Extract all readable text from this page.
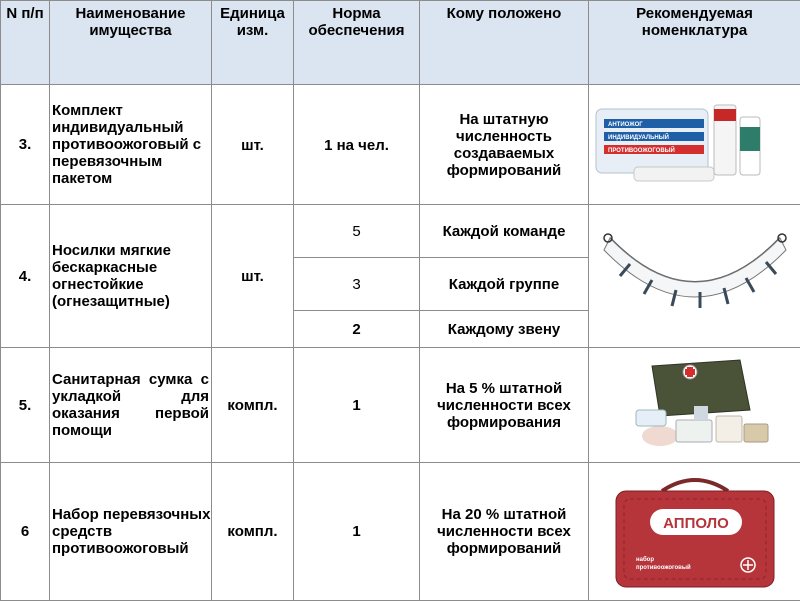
N п/п	Наименование имущества	Единица изм.	Норма обеспечения	Кому положено	Рекомендуемая номенклатура
3.	Комплект индивидуальный противоожоговый с перевязочным пакетом	шт.	1 на чел.	На штатную численность создаваемых формирований	АНТИОЖОГ
ИНДИВИДУАЛЬНЫЙ
ПРОТИВООЖОГОВЫЙ

4.	Носилки мягкие бескаркасные огнестойкие (огнезащитные)	шт.	5	Каждой команде	

			3	Каждой группе	
			2	Каждому звену	
5.	Санитарная сумка с укладкой для оказания первой помощи	компл.	1	На 5 % штатной численности всех формирования	

6	Набор перевязочных средств противоожоговый	компл.	1	На 20 % штатной численности всех формирований	АППОЛО
набор
противоожоговый
